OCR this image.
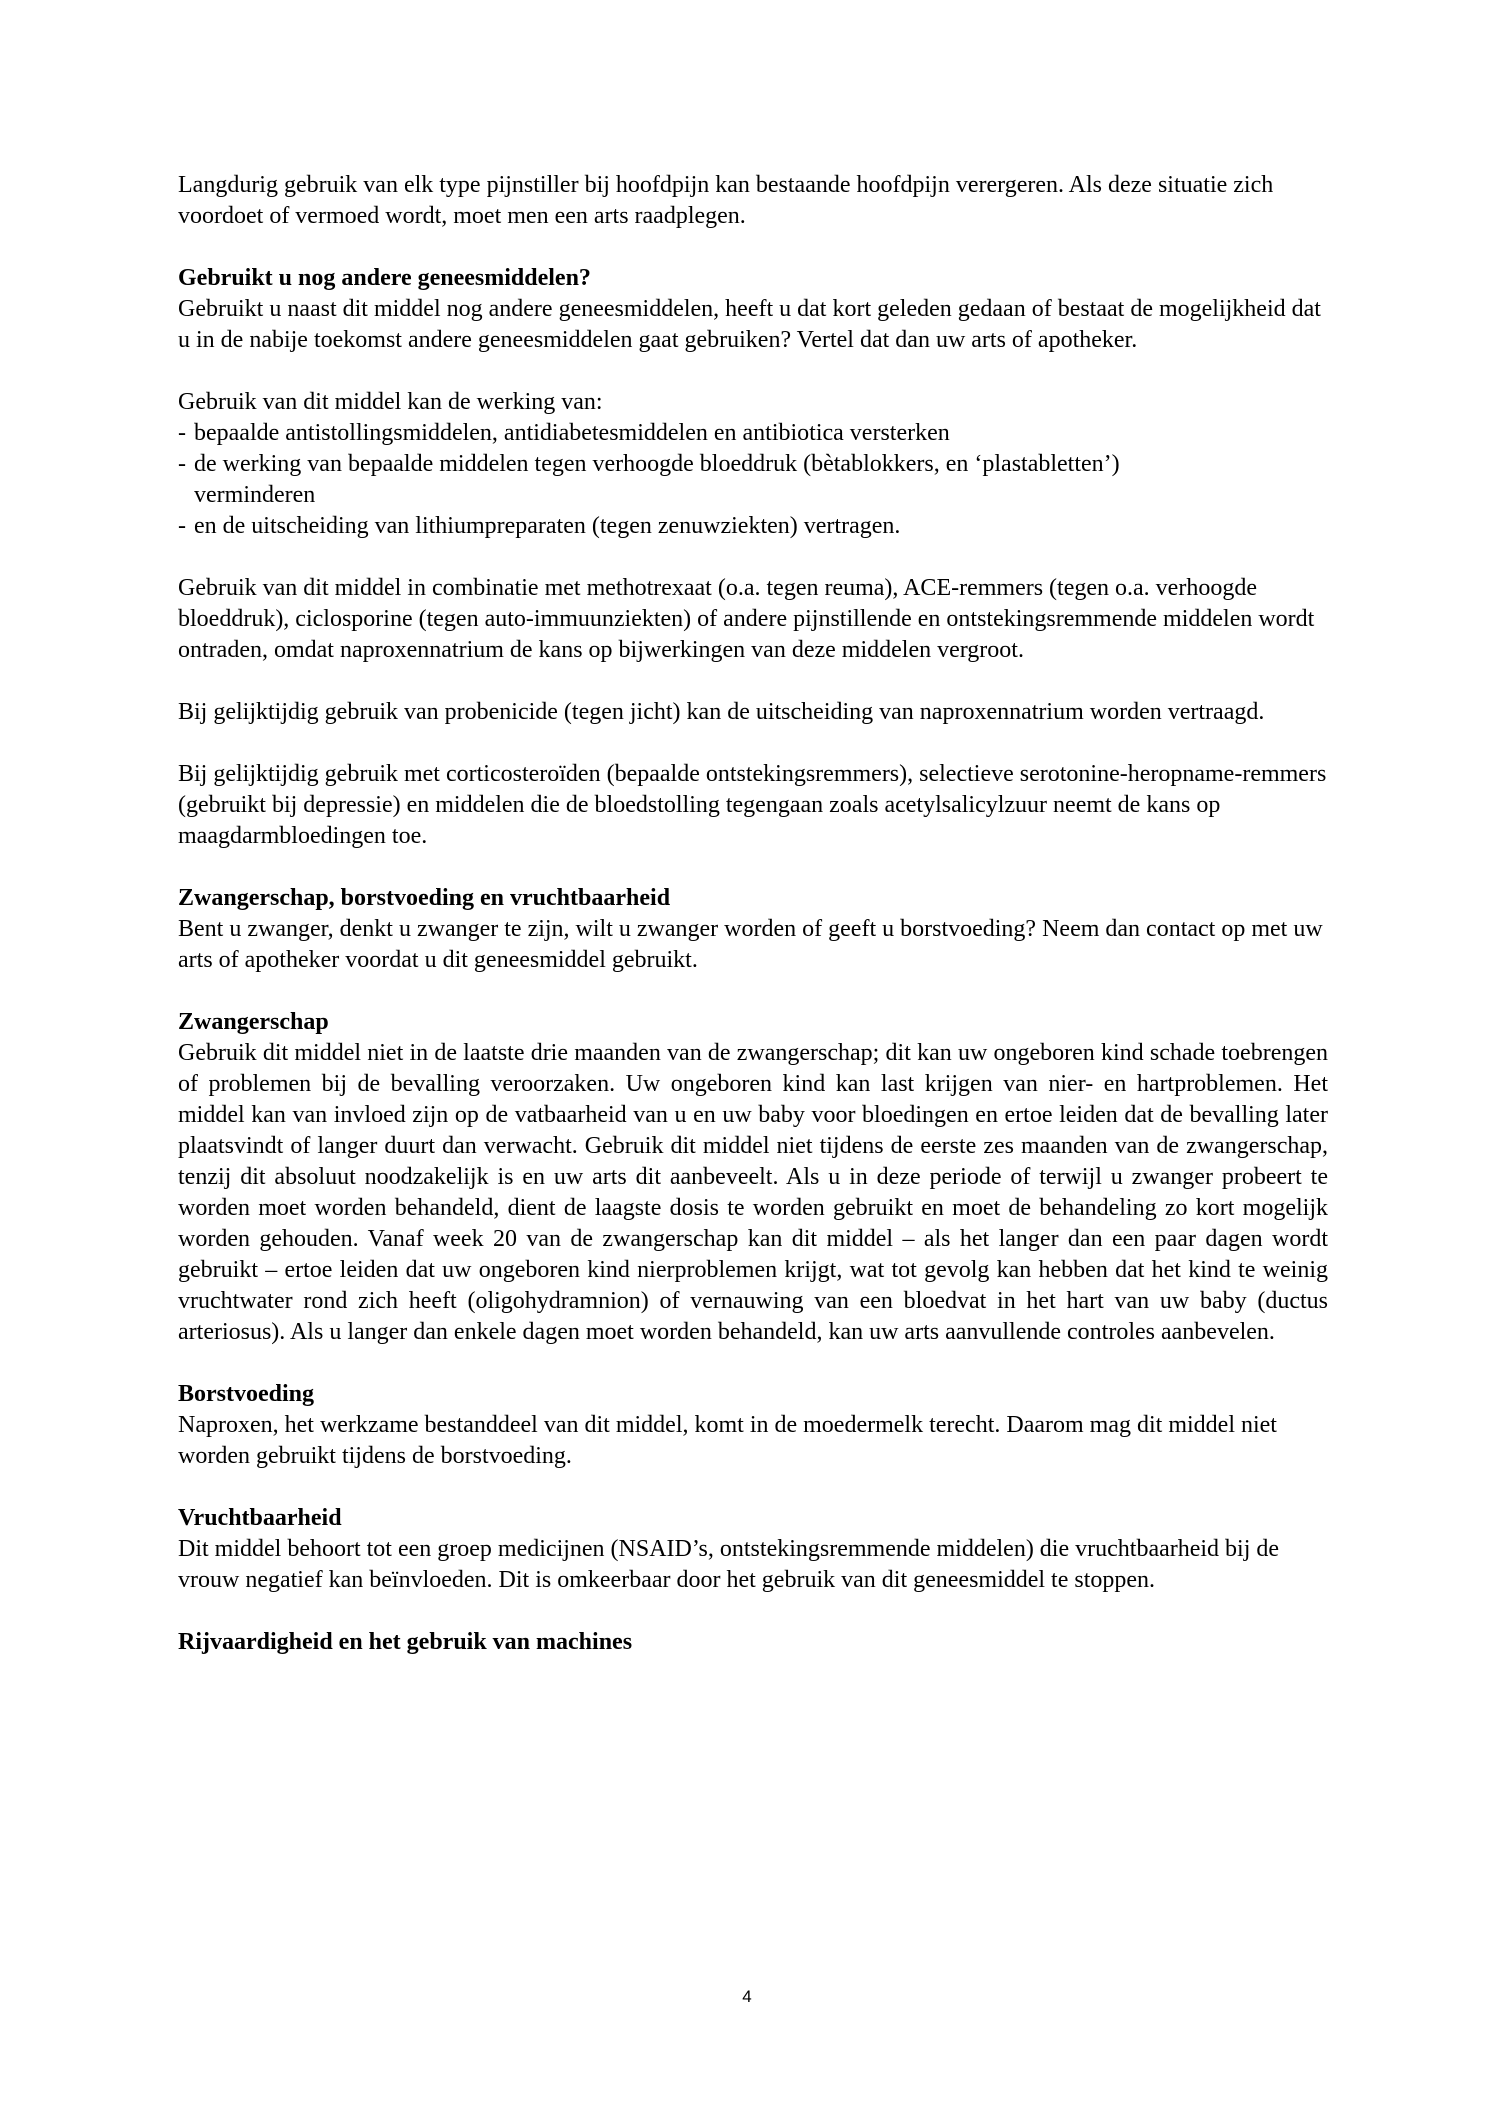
Langdurig gebruik van elk type pijnstiller bij hoofdpijn kan bestaande hoofdpijn verergeren. Als deze situatie zich voordoet of vermoed wordt, moet men een arts raadplegen.

Gebruikt u nog andere geneesmiddelen?

Gebruikt u naast dit middel nog andere geneesmiddelen, heeft u dat kort geleden gedaan of bestaat de mogelijkheid dat u in de nabije toekomst andere geneesmiddelen gaat gebruiken? Vertel dat dan uw arts of apotheker.

Gebruik van dit middel kan de werking van:
- bepaalde antistollingsmiddelen, antidiabetesmiddelen en antibiotica versterken
- de werking van bepaalde middelen tegen verhoogde bloeddruk (bètablokkers, en ‘plastabletten’)
verminderen
- en de uitscheiding van lithiumpreparaten (tegen zenuwziekten) vertragen.

Gebruik van dit middel in combinatie met methotrexaat (o.a. tegen reuma), ACE-remmers (tegen o.a. verhoogde bloeddruk), ciclosporine (tegen auto-immuunziekten) of andere pijnstillende en ontstekingsremmende middelen wordt ontraden, omdat naproxennatrium de kans op bijwerkingen van deze middelen vergroot.

Bij gelijktijdig gebruik van probenicide (tegen jicht) kan de uitscheiding van naproxennatrium worden vertraagd.

Bij gelijktijdig gebruik met corticosteroïden (bepaalde ontstekingsremmers), selectieve serotonine-heropname-remmers (gebruikt bij depressie) en middelen die de bloedstolling tegengaan zoals acetylsalicylzuur neemt de kans op maagdarmbloedingen toe.

Zwangerschap, borstvoeding en vruchtbaarheid

Bent u zwanger, denkt u zwanger te zijn, wilt u zwanger worden of geeft u borstvoeding? Neem dan contact op met uw arts of apotheker voordat u dit geneesmiddel gebruikt.

Zwangerschap

Gebruik dit middel niet in de laatste drie maanden van de zwangerschap; dit kan uw ongeboren kind schade toebrengen of problemen bij de bevalling veroorzaken. Uw ongeboren kind kan last krijgen van nier- en hartproblemen. Het middel kan van invloed zijn op de vatbaarheid van u en uw baby voor bloedingen en ertoe leiden dat de bevalling later plaatsvindt of langer duurt dan verwacht. Gebruik dit middel niet tijdens de eerste zes maanden van de zwangerschap, tenzij dit absoluut noodzakelijk is en uw arts dit aanbeveelt. Als u in deze periode of terwijl u zwanger probeert te worden moet worden behandeld, dient de laagste dosis te worden gebruikt en moet de behandeling zo kort mogelijk worden gehouden. Vanaf week 20 van de zwangerschap kan dit middel – als het langer dan een paar dagen wordt gebruikt – ertoe leiden dat uw ongeboren kind nierproblemen krijgt, wat tot gevolg kan hebben dat het kind te weinig vruchtwater rond zich heeft (oligohydramnion) of vernauwing van een bloedvat in het hart van uw baby (ductus arteriosus). Als u langer dan enkele dagen moet worden behandeld, kan uw arts aanvullende controles aanbevelen.

Borstvoeding

Naproxen, het werkzame bestanddeel van dit middel, komt in de moedermelk terecht. Daarom mag dit middel niet worden gebruikt tijdens de borstvoeding.

Vruchtbaarheid

Dit middel behoort tot een groep medicijnen (NSAID’s, ontstekingsremmende middelen) die vruchtbaarheid bij de vrouw negatief kan beïnvloeden. Dit is omkeerbaar door het gebruik van dit geneesmiddel te stoppen.

Rijvaardigheid en het gebruik van machines
4
